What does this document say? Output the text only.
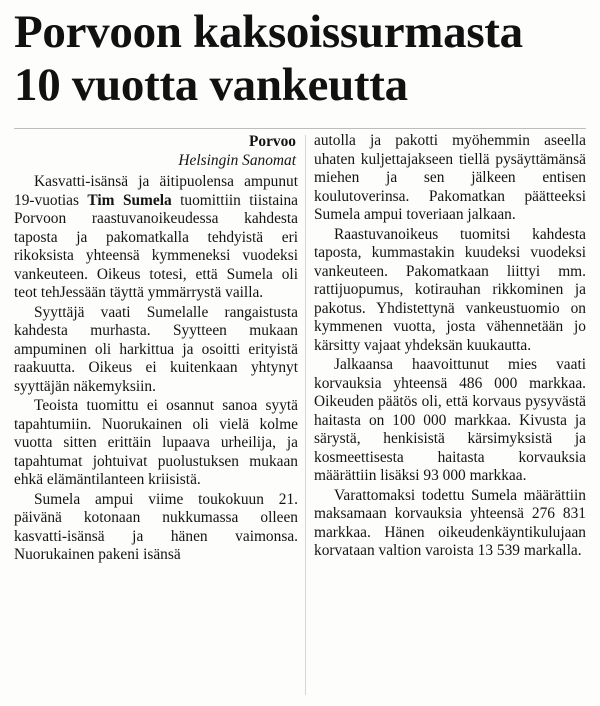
Porvoon kaksoissurmasta
10 vuotta vankeutta
Porvoo
Helsingin Sanomat

Kasvatti-isänsä ja äitipuolensa ampunut 19-vuotias Tim Sumela tuomittiin tiistaina Porvoon raastuvanoikeudessa kahdesta taposta ja pakomatkalla tehdyistä eri rikoksista yhteensä kymmeneksi vuodeksi vankeuteen. Oikeus totesi, että Sumela oli teot tehJessään täyttä ymmärrystä vailla.

Syyttäjä vaati Sumelalle rangaistusta kahdesta murhasta. Syytteen mukaan ampuminen oli harkittua ja osoitti erityistä raakuutta. Oikeus ei kuitenkaan yhtynyt syyttäjän näkemyksiin.

Teoista tuomittu ei osannut sanoa syytä tapahtumiin. Nuorukainen oli vielä kolme vuotta sitten erittäin lupaava urheilija, ja tapahtumat johtuivat puolustuksen mukaan ehkä elämäntilanteen kriisistä.

Sumela ampui viime toukokuun 21. päivänä kotonaan nukkumassa olleen kasvatti-isänsä ja hänen vaimonsa. Nuorukainen pakeni isänsä

autolla ja pakotti myöhemmin aseella uhaten kuljettajakseen tiellä pysäyttämänsä miehen ja sen jälkeen entisen koulutoverinsa. Pakomatkan päätteeksi Sumela ampui toveriaan jalkaan.

Raastuvanoikeus tuomitsi kahdesta taposta, kummastakin kuudeksi vuodeksi vankeuteen. Pakomatkaan liittyi mm. rattijuopumus, kotirauhan rikkominen ja pakotus. Yhdistettynä vankeustuomio on kymmenen vuotta, josta vähennetään jo kärsitty vajaat yhdeksän kuukautta.

Jalkaansa haavoittunut mies vaati korvauksia yhteensä 486 000 markkaa. Oikeuden päätös oli, että korvaus pysyvästä haitasta on 100 000 markkaa. Kivusta ja särystä, henkisistä kärsimyksistä ja kosmeettisesta haitasta korvauksia määrättiin lisäksi 93 000 markkaa.

Varattomaksi todettu Sumela määrättiin maksamaan korvauksia yhteensä 276 831 markkaa. Hänen oikeudenkäyntikulujaan korvataan valtion varoista 13 539 markalla.
